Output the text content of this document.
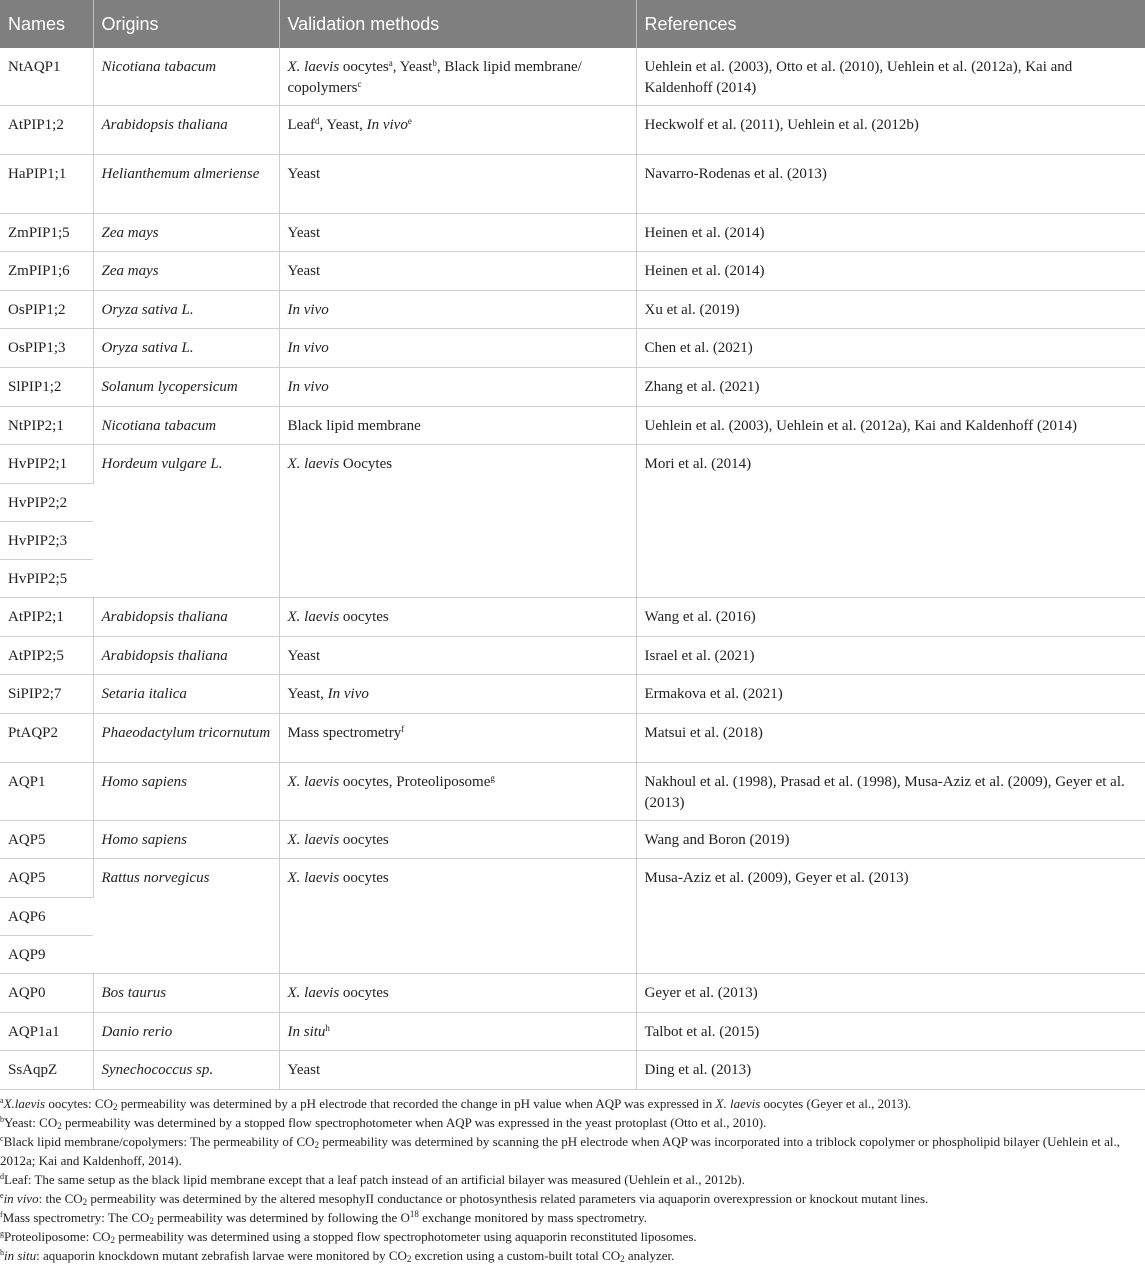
Names	Origins	Validation methods	References
NtAQP1	Nicotiana tabacum	X. laevis oocytes$^a$, Yeast$^b$, Black lipid membrane/ copolymers$^c$	Uehlein et al. (2003), Otto et al. (2010), Uehlein et al. (2012a), Kai and Kaldenhoff (2014)
AtPIP1;2	Arabidopsis thaliana	Leaf$^d$, Yeast, In vivo$^e$	Heckwolf et al. (2011), Uehlein et al. (2012b)
HaPIP1;1	Helianthemum almeriense	Yeast	Navarro-Rodenas et al. (2013)
ZmPIP1;5	Zea mays	Yeast	Heinen et al. (2014)
ZmPIP1;6	Zea mays	Yeast	Heinen et al. (2014)
OsPIP1;2	Oryza sativa L.	In vivo	Xu et al. (2019)
OsPIP1;3	Oryza sativa L.	In vivo	Chen et al. (2021)
SlPIP1;2	Solanum lycopersicum	In vivo	Zhang et al. (2021)
NtPIP2;1	Nicotiana tabacum	Black lipid membrane	Uehlein et al. (2003), Uehlein et al. (2012a), Kai and Kaldenhoff (2014)
HvPIP2;1	Hordeum vulgare L.	X. laevis Oocytes	Mori et al. (2014)
HvPIP2;2			
HvPIP2;3			
HvPIP2;5			
AtPIP2;1	Arabidopsis thaliana	X. laevis oocytes	Wang et al. (2016)
AtPIP2;5	Arabidopsis thaliana	Yeast	Israel et al. (2021)
SiPIP2;7	Setaria italica	Yeast, In vivo	Ermakova et al. (2021)
PtAQP2	Phaeodactylum tricornutum	Mass spectrometry$^f$	Matsui et al. (2018)
AQP1	Homo sapiens	X. laevis oocytes, Proteoliposome$^g$	Nakhoul et al. (1998), Prasad et al. (1998), Musa-Aziz et al. (2009), Geyer et al. (2013)
AQP5	Homo sapiens	X. laevis oocytes	Wang and Boron (2019)
AQP5	Rattus norvegicus	X. laevis oocytes	Musa-Aziz et al. (2009), Geyer et al. (2013)
AQP6			
AQP9			
AQP0	Bos taurus	X. laevis oocytes	Geyer et al. (2013)
AQP1a1	Danio rerio	In situ$^h$	Talbot et al. (2015)
SsAqpZ	Synechococcus sp.	Yeast	Ding et al. (2013)

$^a$X.laevis oocytes: $CO_2$ permeability was determined by a pH electrode that recorded the change in pH value when AQP was expressed in X. laevis oocytes (Geyer et al., 2013).

$^b$Yeast: $CO_2$ permeability was determined by a stopped flow spectrophotometer when AQP was expressed in the yeast protoplast (Otto et al., 2010).

$^c$Black lipid membrane/copolymers: The permeability of $CO_2$ permeability was determined by scanning the pH electrode when AQP was incorporated into a triblock copolymer or phospholipid bilayer (Uehlein et al., 2012a; Kai and Kaldenhoff, 2014).

$^d$Leaf: The same setup as the black lipid membrane except that a leaf patch instead of an artificial bilayer was measured (Uehlein et al., 2012b).

$^e$in vivo: the $CO_2$ permeability was determined by the altered mesophyII conductance or photosynthesis related parameters via aquaporin overexpression or knockout mutant lines.

$^f$Mass spectrometry: The $CO_2$ permeability was determined by following the $O^{18}$ exchange monitored by mass spectrometry.

$^g$Proteoliposome: $CO_2$ permeability was determined using a stopped flow spectrophotometer using aquaporin reconstituted liposomes.

$^h$in situ: aquaporin knockdown mutant zebrafish larvae were monitored by $CO_2$ excretion using a custom-built total $CO_2$ analyzer.
